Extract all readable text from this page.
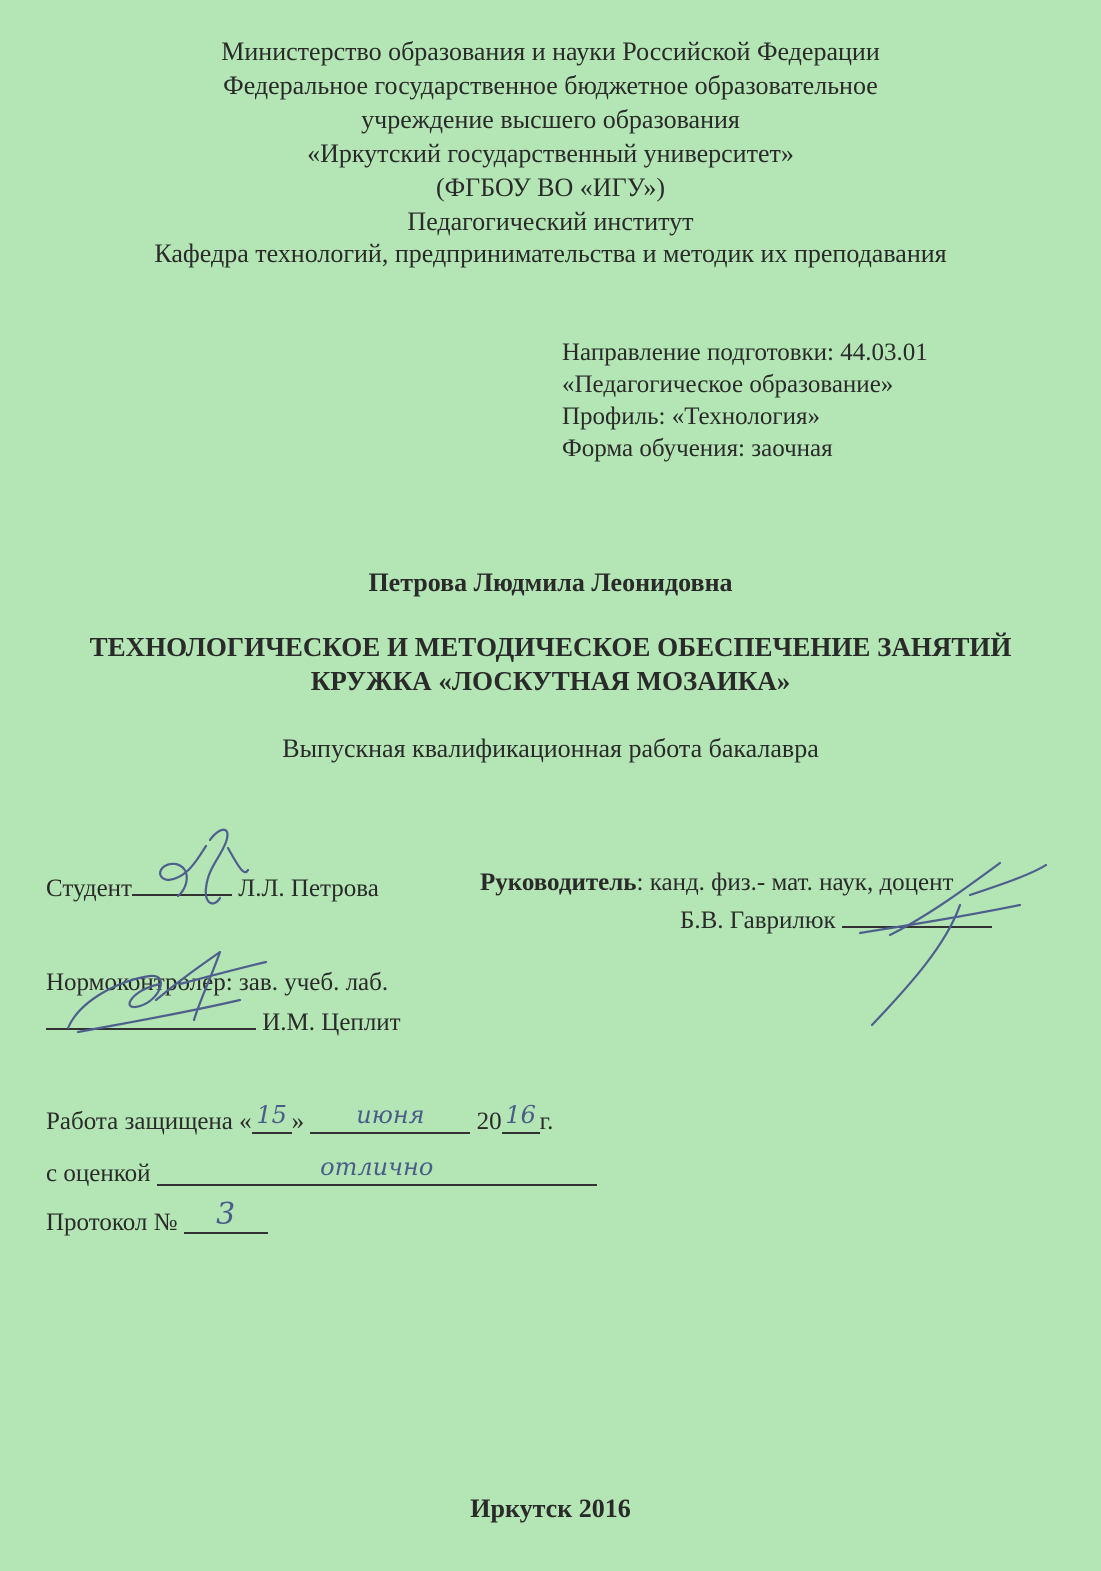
Министерство образования и науки Российской Федерации
Федеральное государственное бюджетное образовательное
учреждение высшего образования
«Иркутский государственный университет»
(ФГБОУ ВО «ИГУ»)
Педагогический институт
Кафедра технологий, предпринимательства и методик их преподавания
Направление подготовки: 44.03.01
«Педагогическое образование»
Профиль: «Технология»
Форма обучения: заочная
Петрова Людмила Леонидовна
ТЕХНОЛОГИЧЕСКОЕ И МЕТОДИЧЕСКОЕ ОБЕСПЕЧЕНИЕ ЗАНЯТИЙ
КРУЖКА «ЛОСКУТНАЯ МОЗАИКА»
Выпускная квалификационная работа бакалавра
Студент	Л.Л. Петрова	Руководитель: канд. физ.- мат. наук, доцент
Б.В. Гаврилюк
Нормоконтролер: зав. учеб. лаб.
И.М. Цеплит
Работа защищена « 15 » июня 20 16 г.
с оценкой	отлично
Протокол № 3
Иркутск 2016
